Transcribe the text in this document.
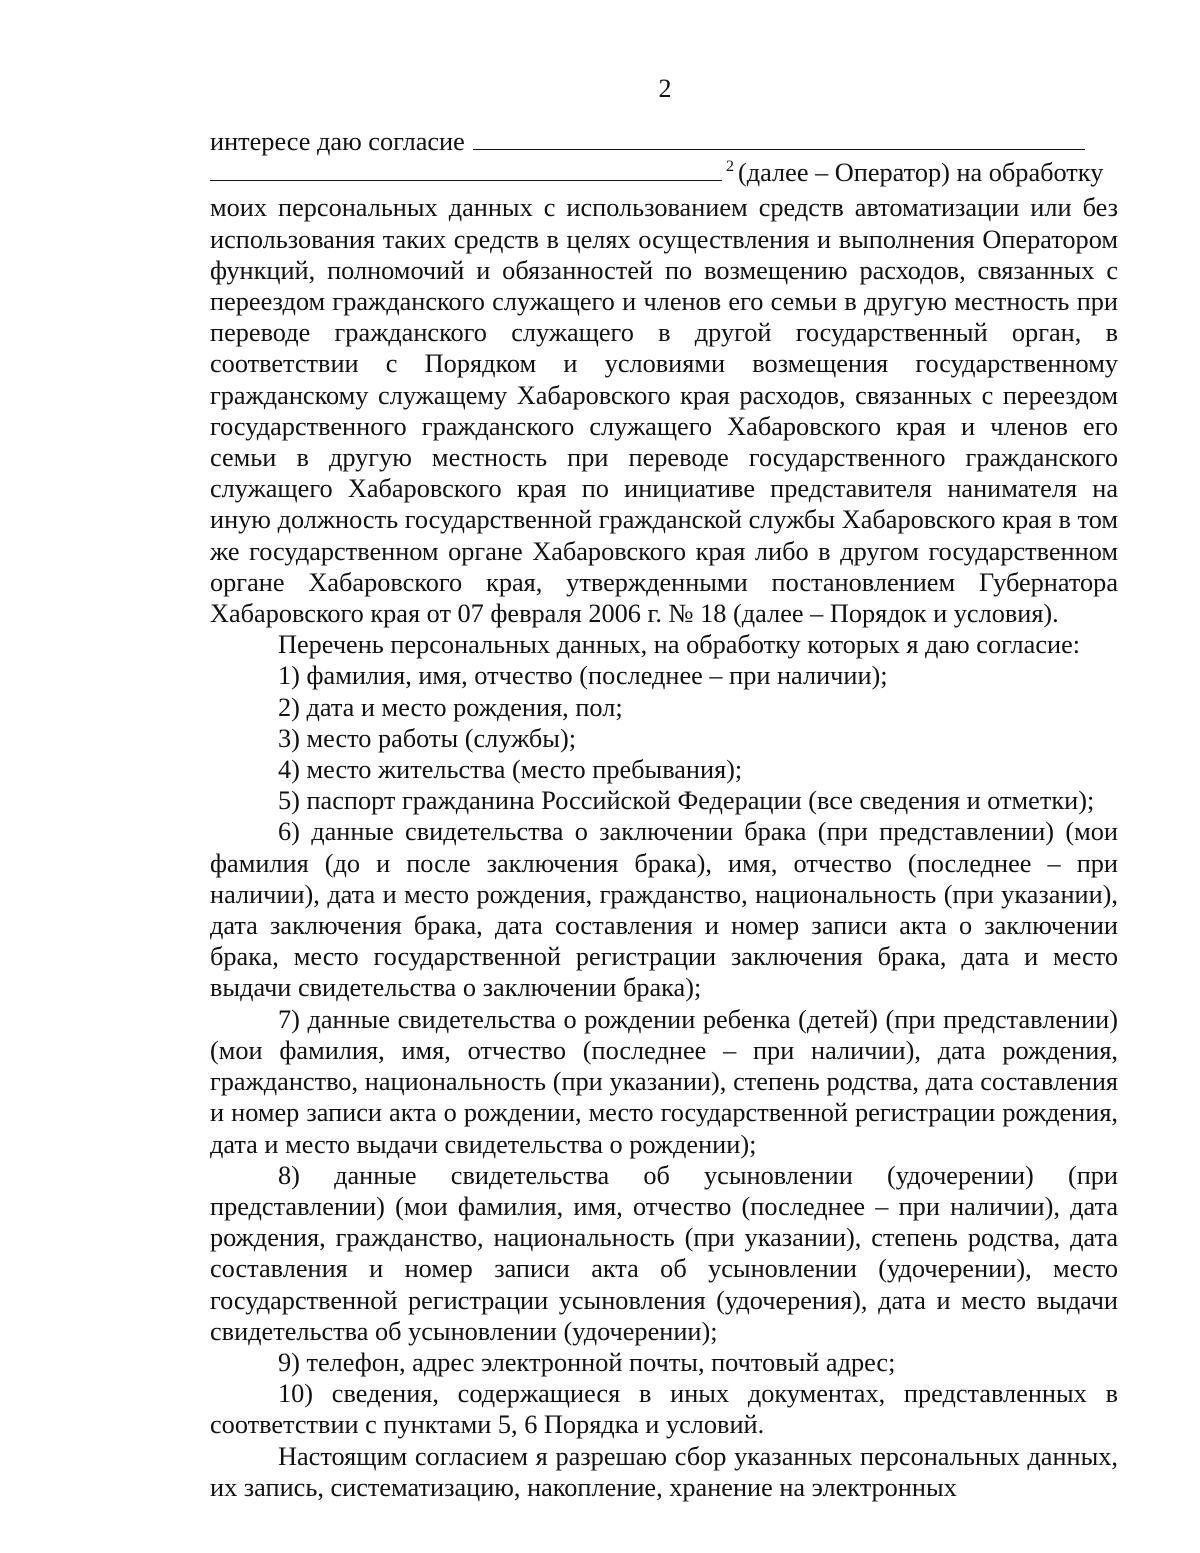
2
интересе даю согласие
2 (далее – Оператор) на обработку

моих персональных данных с использованием средств автоматизации или без использования таких средств в целях осуществления и выполнения Оператором функций, полномочий и обязанностей по возмещению расходов, связанных с переездом гражданского служащего и членов его семьи в другую местность при переводе гражданского служащего в другой государственный орган, в соответствии с Порядком и условиями возмещения государственному гражданскому служащему Хабаровского края расходов, связанных с переездом государственного гражданского служащего Хабаровского края и членов его семьи в другую местность при переводе государственного гражданского служащего Хабаровского края по инициативе представителя нанимателя на иную должность государственной гражданской службы Хабаровского края в том же государственном органе Хабаровского края либо в другом государственном органе Хабаровского края, утвержденными постановлением Губернатора Хабаровского края от 07 февраля 2006 г. № 18 (далее – Порядок и условия).

Перечень персональных данных, на обработку которых я даю согласие:

1) фамилия, имя, отчество (последнее – при наличии);

2) дата и место рождения, пол;

3) место работы (службы);

4) место жительства (место пребывания);

5) паспорт гражданина Российской Федерации (все сведения и отметки);

6) данные свидетельства о заключении брака (при представлении) (мои фамилия (до и после заключения брака), имя, отчество (последнее – при наличии), дата и место рождения, гражданство, национальность (при указании), дата заключения брака, дата составления и номер записи акта о заключении брака, место государственной регистрации заключения брака, дата и место выдачи свидетельства о заключении брака);

7) данные свидетельства о рождении ребенка (детей) (при представлении) (мои фамилия, имя, отчество (последнее – при наличии), дата рождения, гражданство, национальность (при указании), степень родства, дата составления и номер записи акта о рождении, место государственной регистрации рождения, дата и место выдачи свидетельства о рождении);

8) данные свидетельства об усыновлении (удочерении) (при представлении) (мои фамилия, имя, отчество (последнее – при наличии), дата рождения, гражданство, национальность (при указании), степень родства, дата составления и номер записи акта об усыновлении (удочерении), место государственной регистрации усыновления (удочерения), дата и место выдачи свидетельства об усыновлении (удочерении);

9) телефон, адрес электронной почты, почтовый адрес;

10) сведения, содержащиеся в иных документах, представленных в соответствии с пунктами 5, 6 Порядка и условий.

Настоящим согласием я разрешаю сбор указанных персональных данных, их запись, систематизацию, накопление, хранение на электронных
